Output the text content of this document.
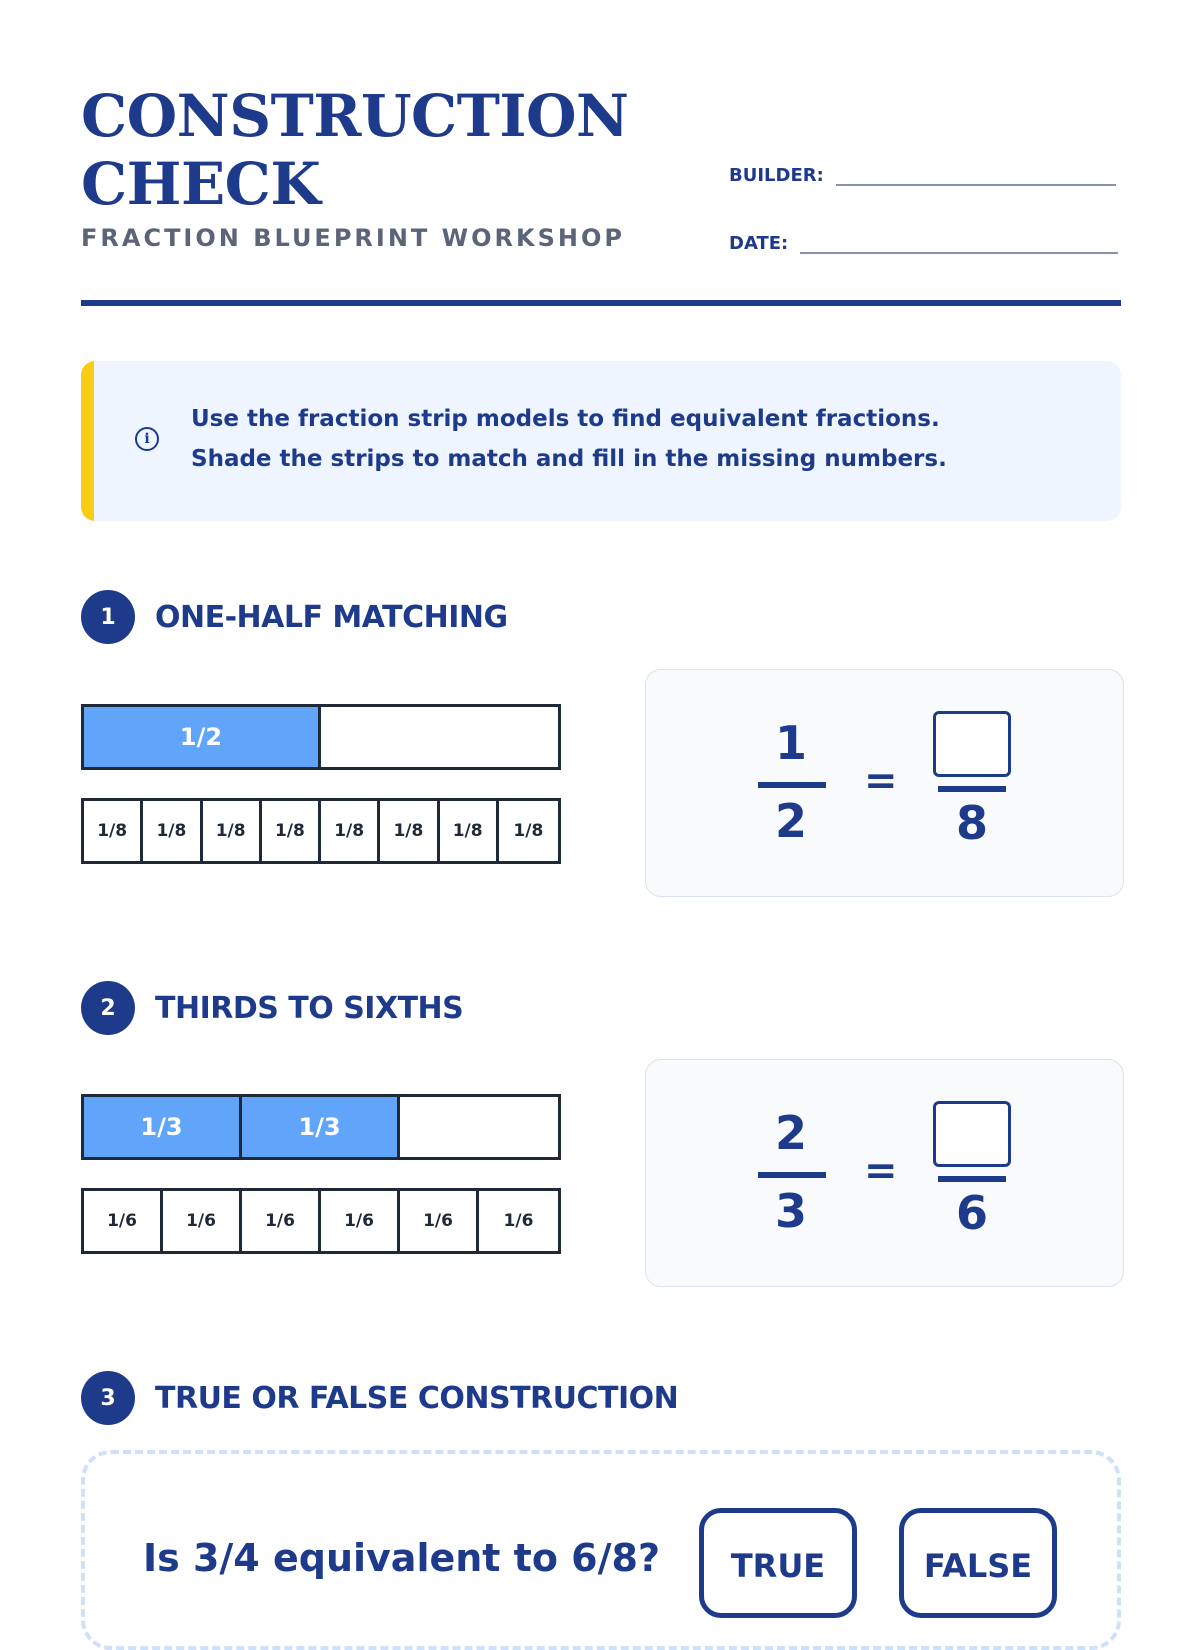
CONSTRUCTION
CHECK
FRACTION BLUEPRINT WORKSHOP
BUILDER:
DATE:
i
Use the fraction strip models to find equivalent fractions.
Shade the strips to match and fill in the missing numbers.
1	ONE-HALF MATCHING
1/2
1/8	1/8	1/8	1/8	1/8	1/8	1/8	1/8
1
2
=
8
2	THIRDS TO SIXTHS
1/3	1/3
1/6	1/6	1/6	1/6	1/6	1/6
2
3
=
6
3	TRUE OR FALSE CONSTRUCTION
Is 3/4 equivalent to 6/8?	TRUE	FALSE
